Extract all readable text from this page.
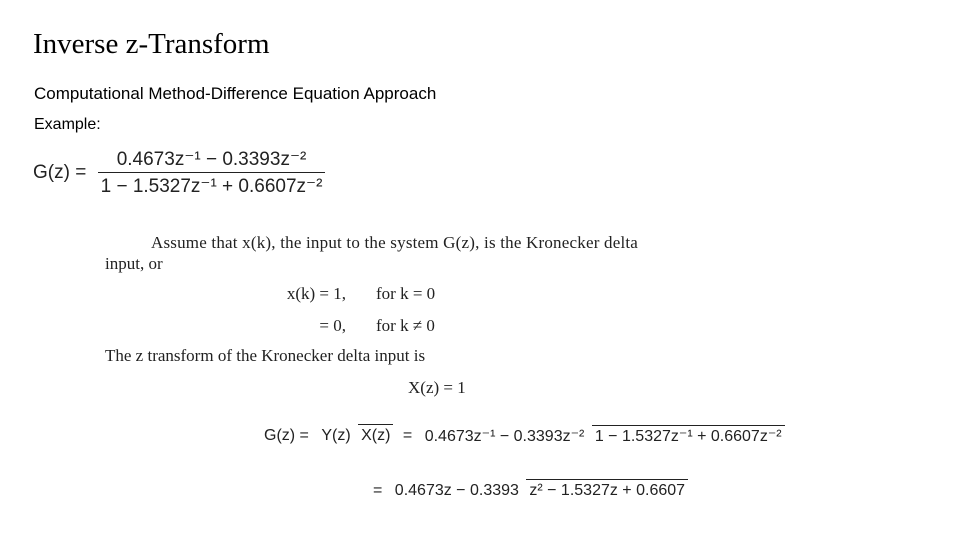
Inverse z-Transform
Computational Method-Difference Equation Approach
Example:
$G(z) = \frac{\text{0.4673z⁻¹ − 0.3393z⁻²}}{\text{1 − 1.5327z⁻¹ + 0.6607z⁻²}}$
Assume that x(k), the input to the system G(z), is the Kronecker delta
input, or
x(k) = 1, for k = 0
= 0, for k ≠ 0
The z transform of the Kronecker delta input is
X(z) = 1
G(z) = Y(z) X(z) = 0.4673z⁻¹ − 0.3393z⁻² 1 − 1.5327z⁻¹ + 0.6607z⁻²
= 0.4673z − 0.3393 z² − 1.5327z + 0.6607
